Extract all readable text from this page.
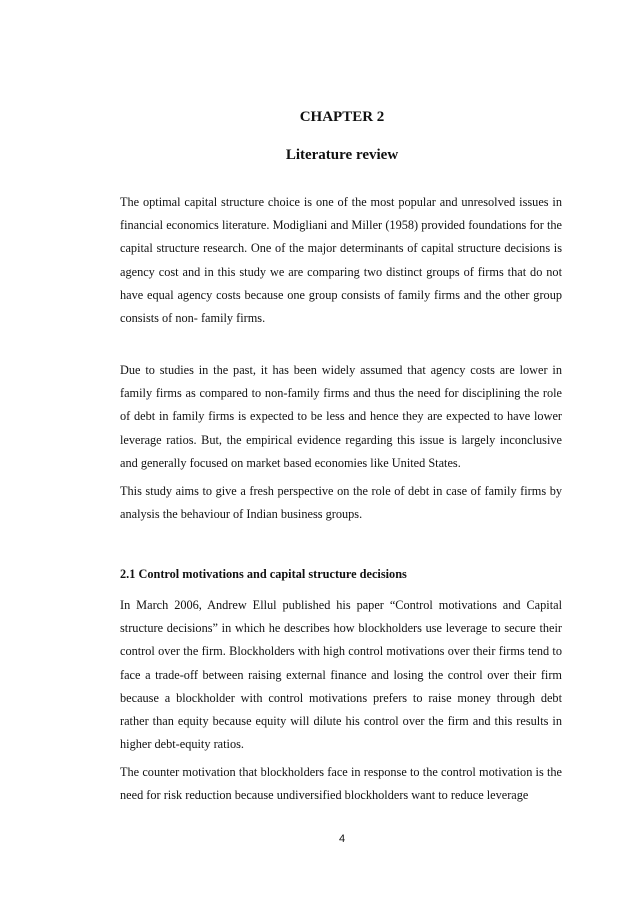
CHAPTER 2
Literature review

The optimal capital structure choice is one of the most popular and unresolved issues in financial economics literature. Modigliani and Miller (1958) provided foundations for the capital structure research. One of the major determinants of capital structure decisions is agency cost and in this study we are comparing two distinct groups of firms that do not have equal agency costs because one group consists of family firms and the other group consists of non- family firms.

Due to studies in the past, it has been widely assumed that agency costs are lower in family firms as compared to non-family firms and thus the need for disciplining the role of debt in family firms is expected to be less and hence they are expected to have lower leverage ratios. But, the empirical evidence regarding this issue is largely inconclusive and generally focused on market based economies like United States.

This study aims to give a fresh perspective on the role of debt in case of family firms by analysis the behaviour of Indian business groups.

2.1 Control motivations and capital structure decisions

In March 2006, Andrew Ellul published his paper “Control motivations and Capital structure decisions” in which he describes how blockholders use leverage to secure their control over the firm. Blockholders with high control motivations over their firms tend to face a trade-off between raising external finance and losing the control over their firm because a blockholder with control motivations prefers to raise money through debt rather than equity because equity will dilute his control over the firm and this results in higher debt-equity ratios.

The counter motivation that blockholders face in response to the control motivation is the need for risk reduction because undiversified blockholders want to reduce leverage

4
